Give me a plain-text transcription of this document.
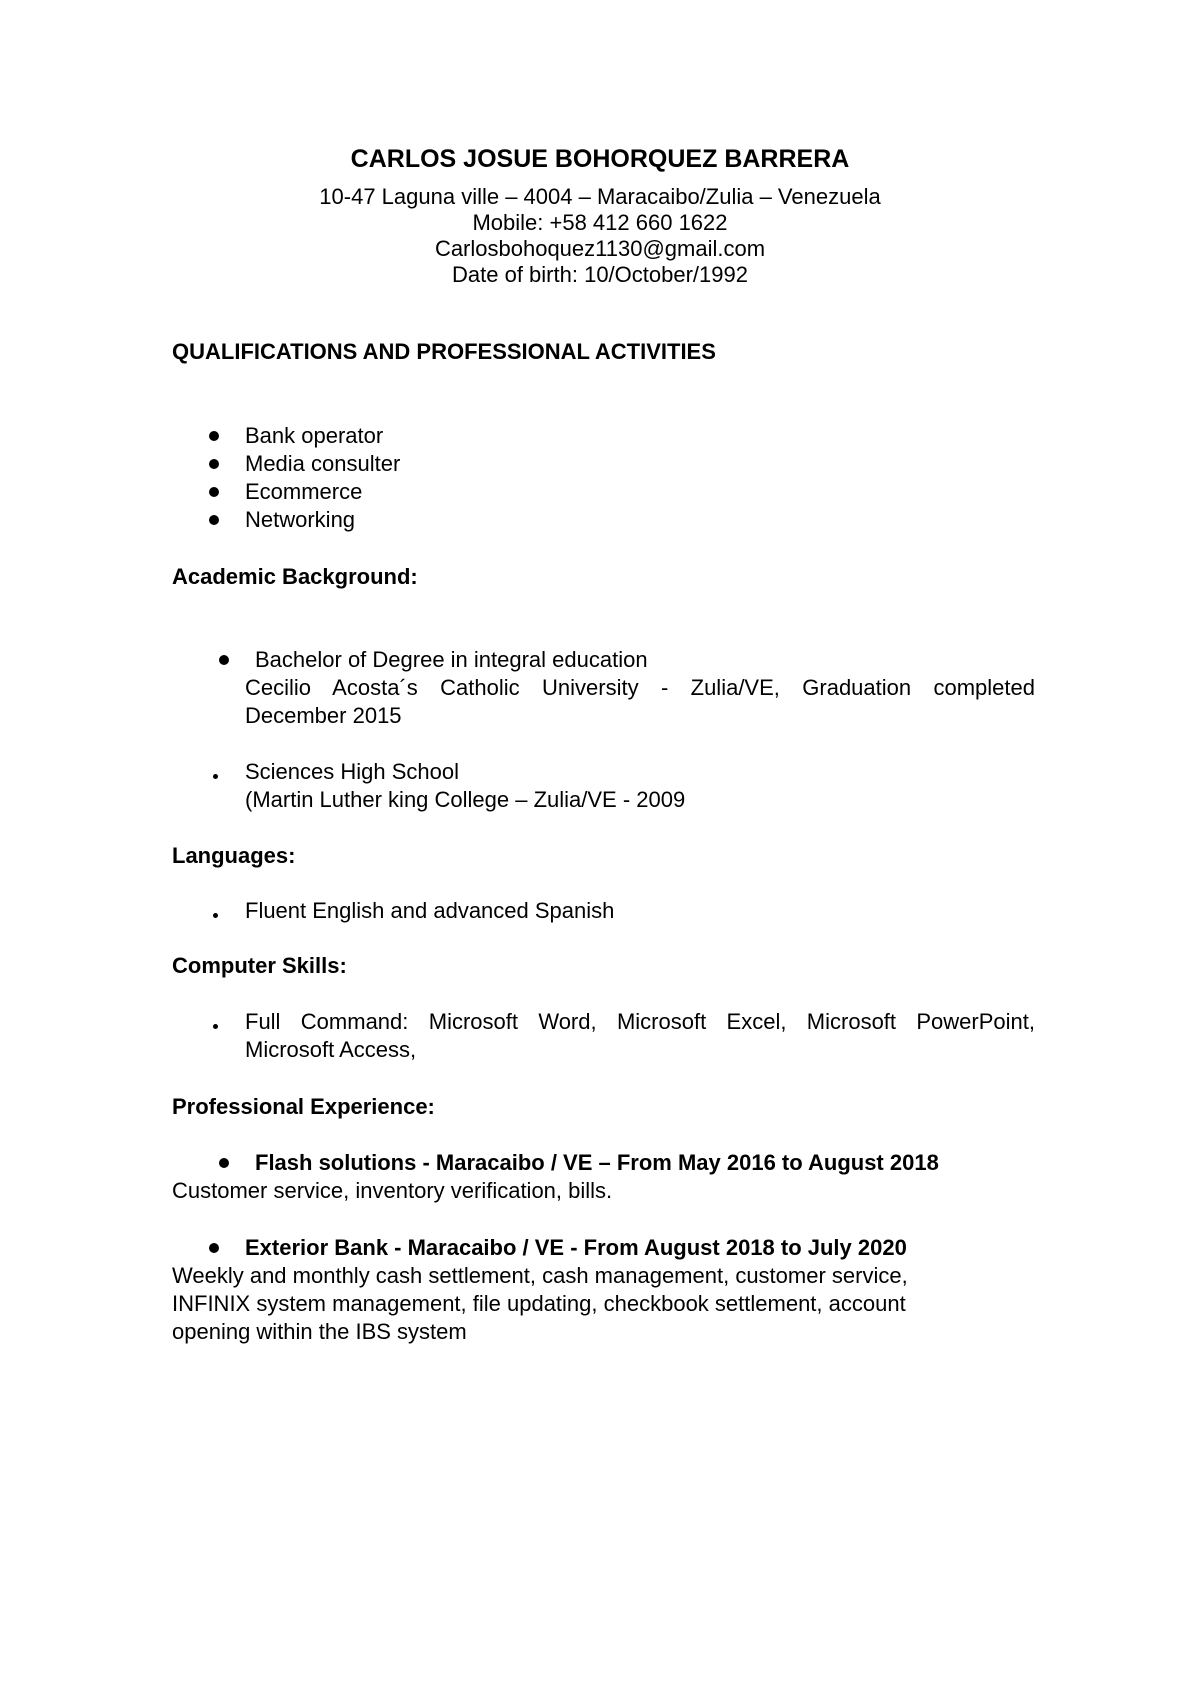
CARLOS JOSUE BOHORQUEZ BARRERA
10-47 Laguna ville – 4004 – Maracaibo/Zulia – Venezuela
Mobile: +58 412 660 1622
Carlosbohoquez1130@gmail.com
Date of birth: 10/October/1992
QUALIFICATIONS AND PROFESSIONAL ACTIVITIES
Bank operator
Media consulter
Ecommerce
Networking
Academic Background:
Bachelor of Degree in integral education
Cecilio Acosta´s Catholic University - Zulia/VE, Graduation completed
December 2015
Sciences High School
(Martin Luther king College – Zulia/VE - 2009
Languages:
Fluent English and advanced Spanish
Computer Skills:
Full Command: Microsoft Word, Microsoft Excel, Microsoft PowerPoint,
Microsoft Access,
Professional Experience:
Flash solutions - Maracaibo / VE – From May 2016 to August 2018
Customer service, inventory verification, bills.
Exterior Bank - Maracaibo / VE - From August 2018 to July 2020
Weekly and monthly cash settlement, cash management, customer service,
INFINIX system management, file updating, checkbook settlement, account
opening within the IBS system
